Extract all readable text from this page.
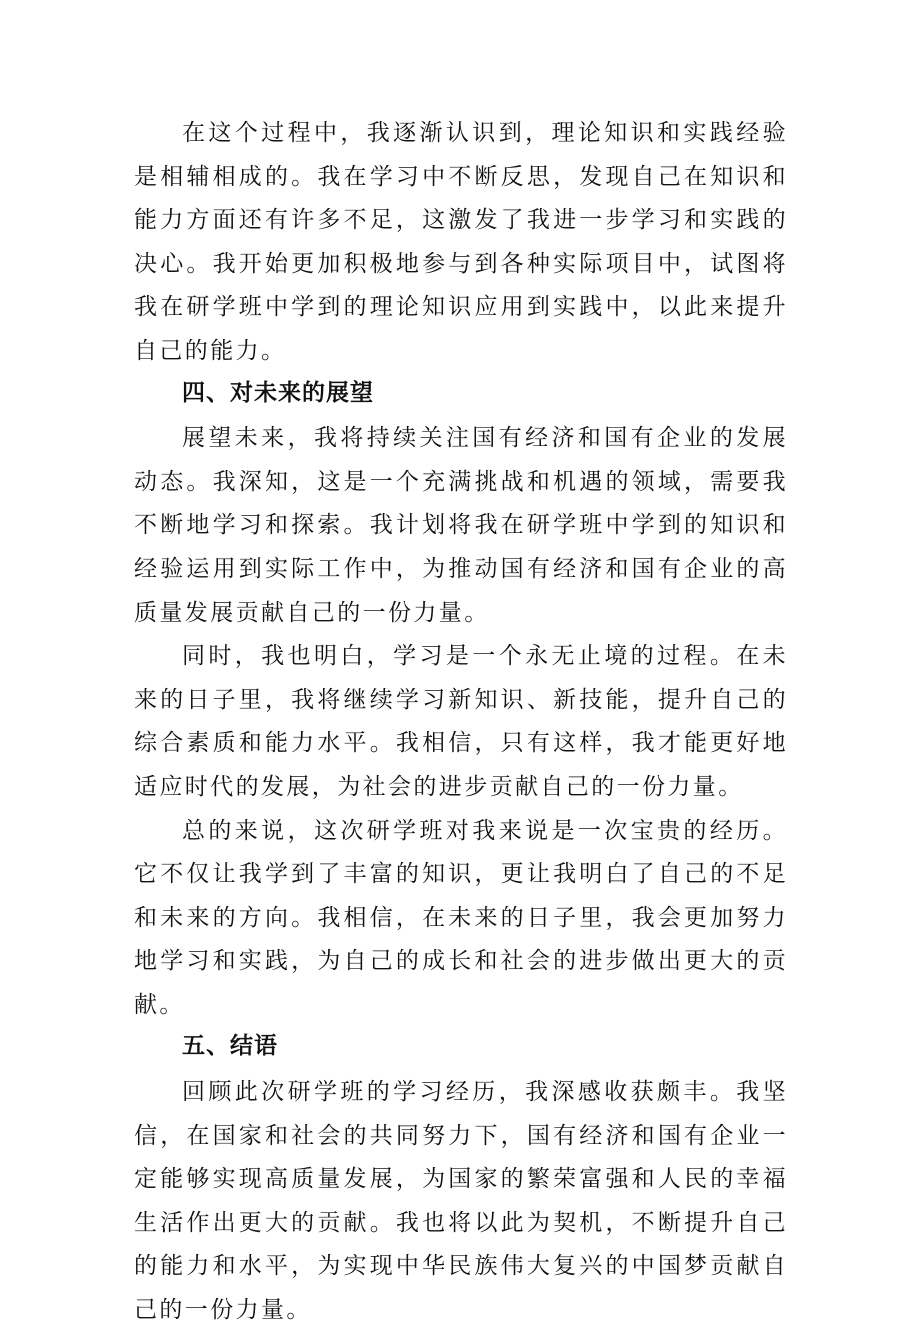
在这个过程中，我逐渐认识到，理论知识和实践经验是相辅相成的。我在学习中不断反思，发现自己在知识和能力方面还有许多不足，这激发了我进一步学习和实践的决心。我开始更加积极地参与到各种实际项目中，试图将我在研学班中学到的理论知识应用到实践中，以此来提升自己的能力。

四、对未来的展望

展望未来，我将持续关注国有经济和国有企业的发展动态。我深知，这是一个充满挑战和机遇的领域，需要我不断地学习和探索。我计划将我在研学班中学到的知识和经验运用到实际工作中，为推动国有经济和国有企业的高质量发展贡献自己的一份力量。

同时，我也明白，学习是一个永无止境的过程。在未来的日子里，我将继续学习新知识、新技能，提升自己的综合素质和能力水平。我相信，只有这样，我才能更好地适应时代的发展，为社会的进步贡献自己的一份力量。

总的来说，这次研学班对我来说是一次宝贵的经历。它不仅让我学到了丰富的知识，更让我明白了自己的不足和未来的方向。我相信，在未来的日子里，我会更加努力地学习和实践，为自己的成长和社会的进步做出更大的贡献。

五、结语

回顾此次研学班的学习经历，我深感收获颇丰。我坚信，在国家和社会的共同努力下，国有经济和国有企业一定能够实现高质量发展，为国家的繁荣富强和人民的幸福生活作出更大的贡献。我也将以此为契机，不断提升自己的能力和水平，为实现中华民族伟大复兴的中国梦贡献自己的一份力量。
